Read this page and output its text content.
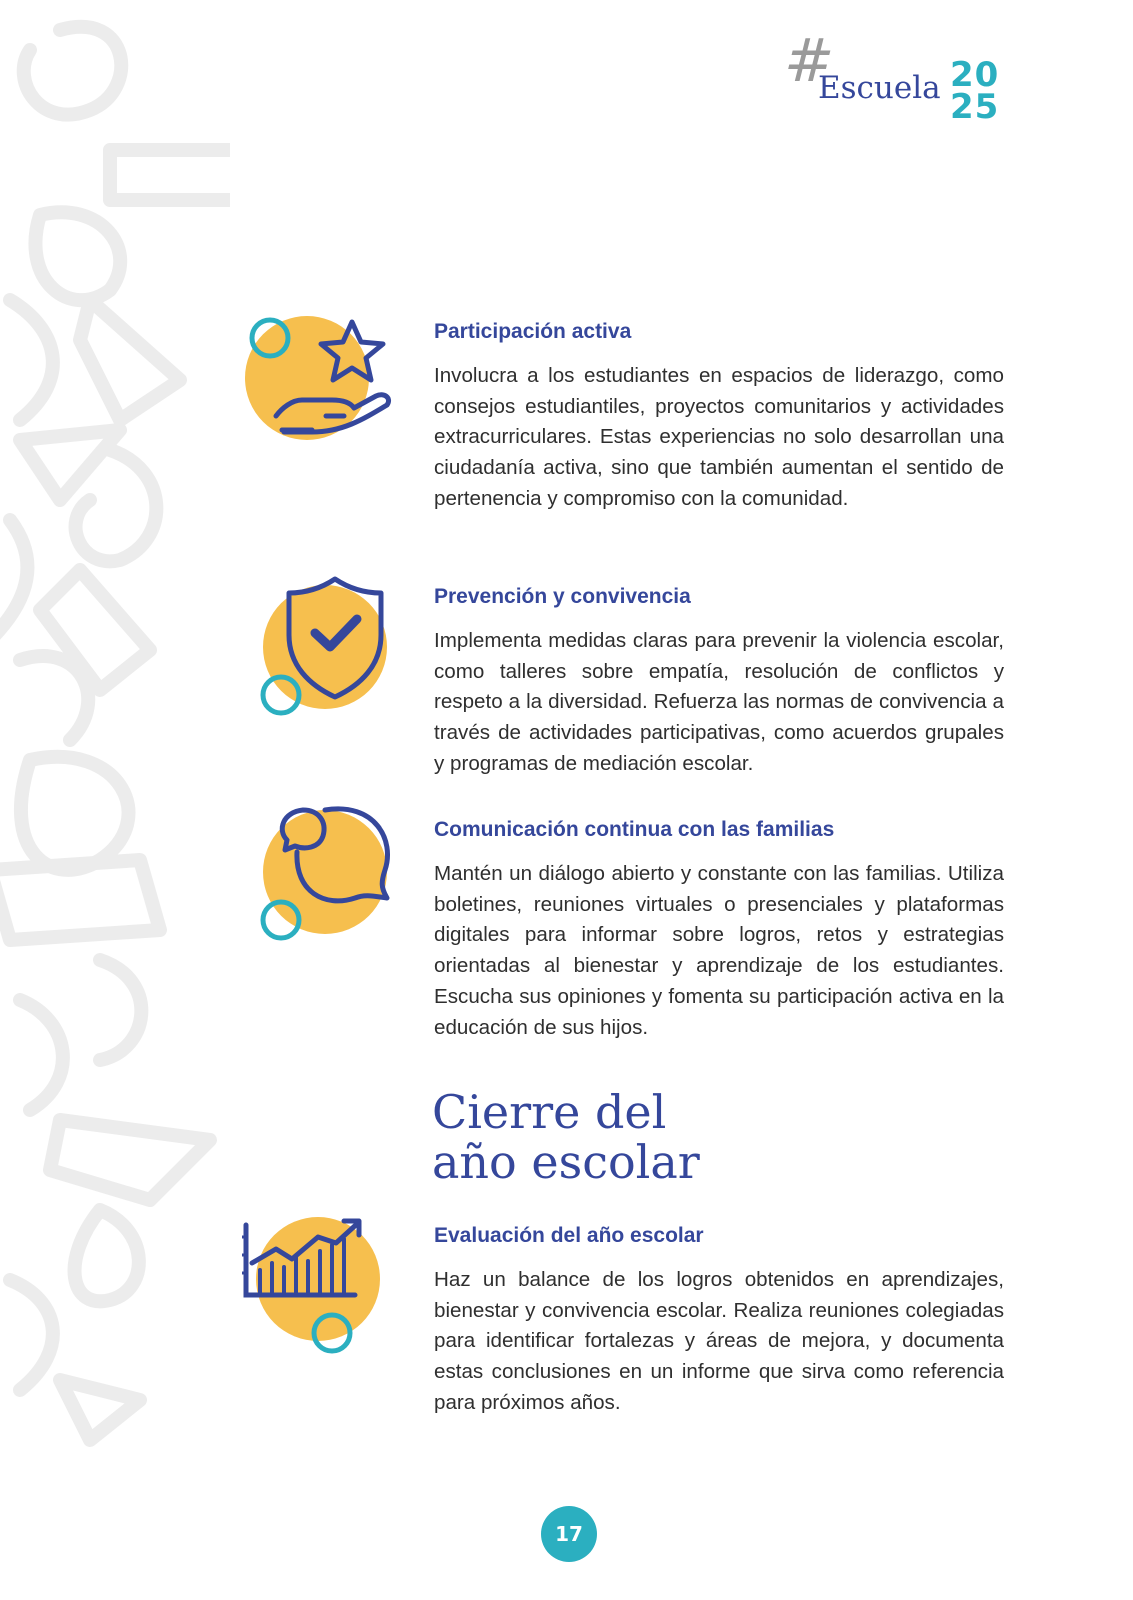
#
Escuela 20
25
Participación activa

Involucra a los estudiantes en espacios de liderazgo, como consejos estudiantiles, proyectos comunitarios y actividades extracurriculares. Estas experiencias no solo desarrollan una ciudadanía activa, sino que también aumentan el sentido de pertenencia y compromiso con la comunidad.

Prevención y convivencia

Implementa medidas claras para prevenir la violencia escolar, como talleres sobre empatía, resolución de conflictos y respeto a la diversidad. Refuerza las normas de convivencia a través de actividades participativas, como acuerdos grupales y programas de mediación escolar.

Comunicación continua con las familias

Mantén un diálogo abierto y constante con las familias. Utiliza boletines, reuniones virtuales o presenciales y plataformas digitales para informar sobre logros, retos y estrategias orientadas al bienestar y aprendizaje de los estudiantes. Escucha sus opiniones y fomenta su participación activa en la educación de sus hijos.

Cierre del
año escolar
Evaluación del año escolar

Haz un balance de los logros obtenidos en aprendizajes, bienestar y convivencia escolar. Realiza reuniones colegiadas para identificar fortalezas y áreas de mejora, y documenta estas conclusiones en un informe que sirva como referencia para próximos años.

17
